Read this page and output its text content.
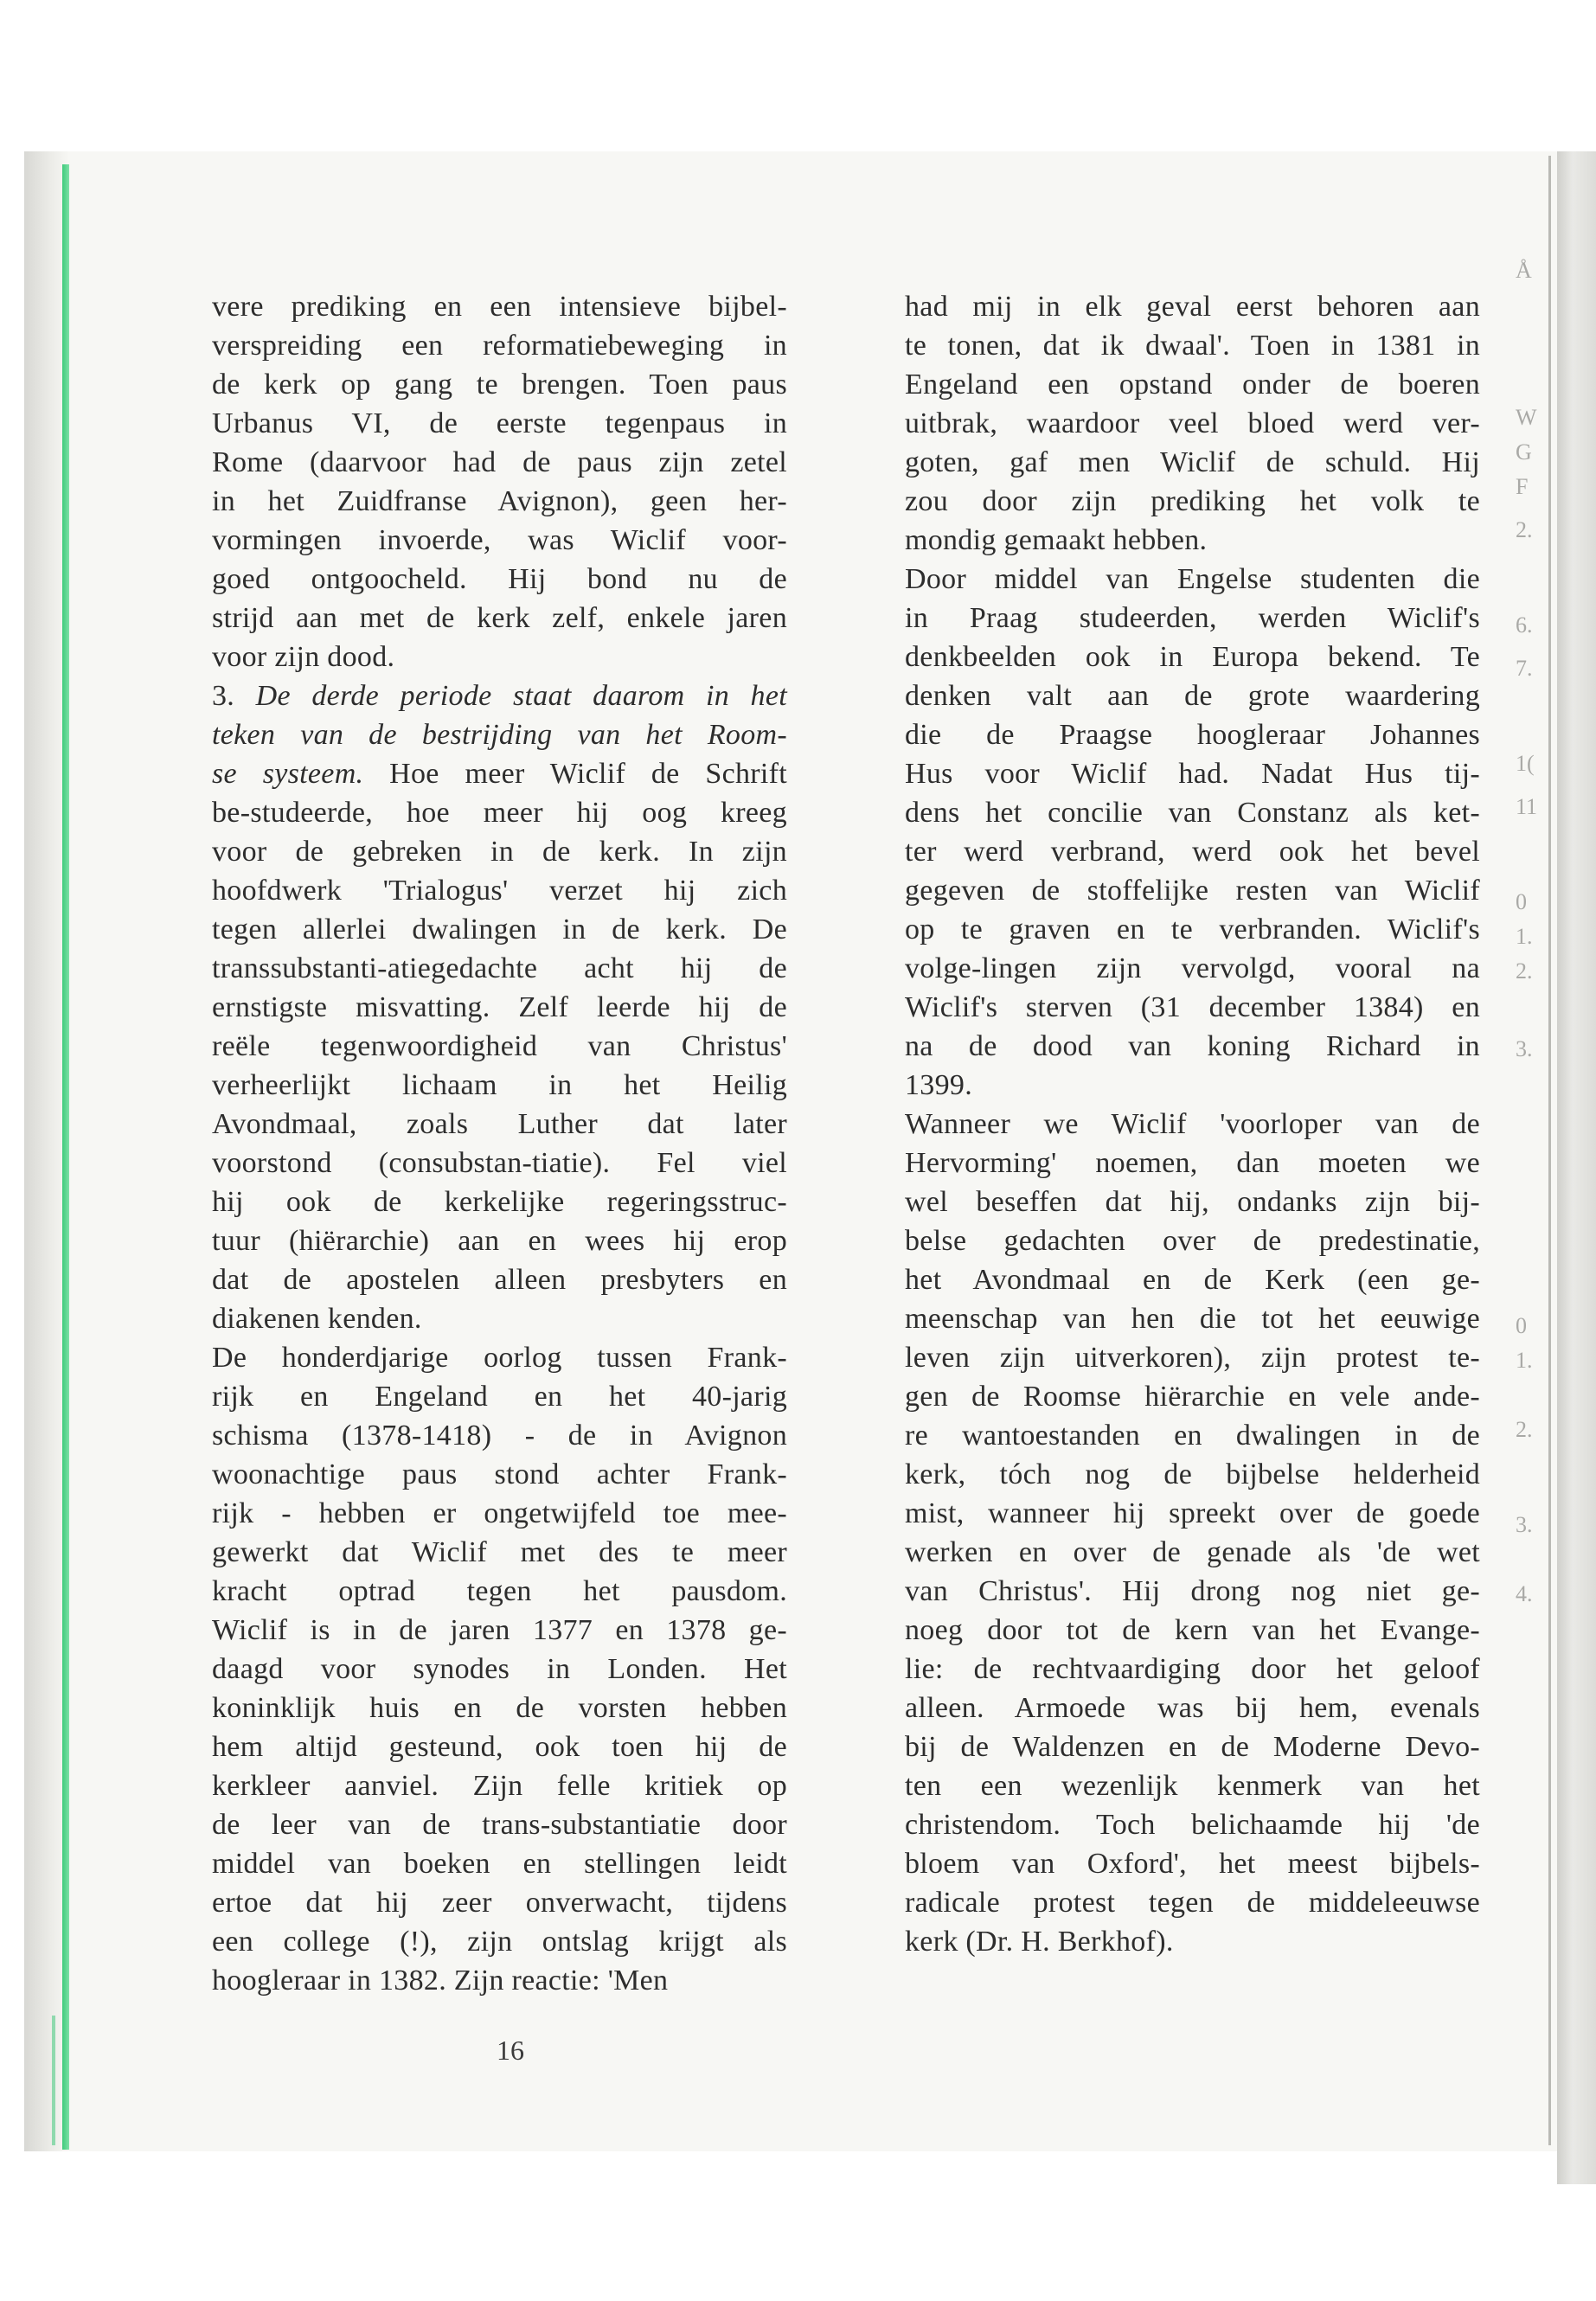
Å
W
G
F
2.
6.
7.
1(
11
0
1.
2.
3.
0
1.
2.
3.
4.
vere prediking en een intensieve bijbel-
verspreiding een reformatiebeweging in
de kerk op gang te brengen. Toen paus
Urbanus VI, de eerste tegenpaus in
Rome (daarvoor had de paus zijn zetel
in het Zuidfranse Avignon), geen her-
vormingen invoerde, was Wiclif voor-
goed ontgoocheld. Hij bond nu de
strijd aan met de kerk zelf, enkele jaren
voor zijn dood.
3. De derde periode staat daarom in het
teken van de bestrijding van het Room-
se systeem. Hoe meer Wiclif de Schrift
be-studeerde, hoe meer hij oog kreeg
voor de gebreken in de kerk. In zijn
hoofdwerk 'Trialogus' verzet hij zich
tegen allerlei dwalingen in de kerk. De
transsubstanti-atiegedachte acht hij de
ernstigste misvatting. Zelf leerde hij de
reële tegenwoordigheid van Christus'
verheerlijkt lichaam in het Heilig
Avondmaal, zoals Luther dat later
voorstond (consubstan-tiatie). Fel viel
hij ook de kerkelijke regeringsstruc-
tuur (hiërarchie) aan en wees hij erop
dat de apostelen alleen presbyters en
diakenen kenden.
De honderdjarige oorlog tussen Frank-
rijk en Engeland en het 40-jarig
schisma (1378-1418) - de in Avignon
woonachtige paus stond achter Frank-
rijk - hebben er ongetwijfeld toe mee-
gewerkt dat Wiclif met des te meer
kracht optrad tegen het pausdom.
Wiclif is in de jaren 1377 en 1378 ge-
daagd voor synodes in Londen. Het
koninklijk huis en de vorsten hebben
hem altijd gesteund, ook toen hij de
kerkleer aanviel. Zijn felle kritiek op
de leer van de trans-substantiatie door
middel van boeken en stellingen leidt
ertoe dat hij zeer onverwacht, tijdens
een college (!), zijn ontslag krijgt als
hoogleraar in 1382. Zijn reactie: 'Men
had mij in elk geval eerst behoren aan
te tonen, dat ik dwaal'. Toen in 1381 in
Engeland een opstand onder de boeren
uitbrak, waardoor veel bloed werd ver-
goten, gaf men Wiclif de schuld. Hij
zou door zijn prediking het volk te
mondig gemaakt hebben.
Door middel van Engelse studenten die
in Praag studeerden, werden Wiclif's
denkbeelden ook in Europa bekend. Te
denken valt aan de grote waardering
die de Praagse hoogleraar Johannes
Hus voor Wiclif had. Nadat Hus tij-
dens het concilie van Constanz als ket-
ter werd verbrand, werd ook het bevel
gegeven de stoffelijke resten van Wiclif
op te graven en te verbranden. Wiclif's
volge-lingen zijn vervolgd, vooral na
Wiclif's sterven (31 december 1384) en
na de dood van koning Richard in
1399.
Wanneer we Wiclif 'voorloper van de
Hervorming' noemen, dan moeten we
wel beseffen dat hij, ondanks zijn bij-
belse gedachten over de predestinatie,
het Avondmaal en de Kerk (een ge-
meenschap van hen die tot het eeuwige
leven zijn uitverkoren), zijn protest te-
gen de Roomse hiërarchie en vele ande-
re wantoestanden en dwalingen in de
kerk, tóch nog de bijbelse helderheid
mist, wanneer hij spreekt over de goede
werken en over de genade als 'de wet
van Christus'. Hij drong nog niet ge-
noeg door tot de kern van het Evange-
lie: de rechtvaardiging door het geloof
alleen. Armoede was bij hem, evenals
bij de Waldenzen en de Moderne Devo-
ten een wezenlijk kenmerk van het
christendom. Toch belichaamde hij 'de
bloem van Oxford', het meest bijbels-
radicale protest tegen de middeleeuwse
kerk (Dr. H. Berkhof).
16
